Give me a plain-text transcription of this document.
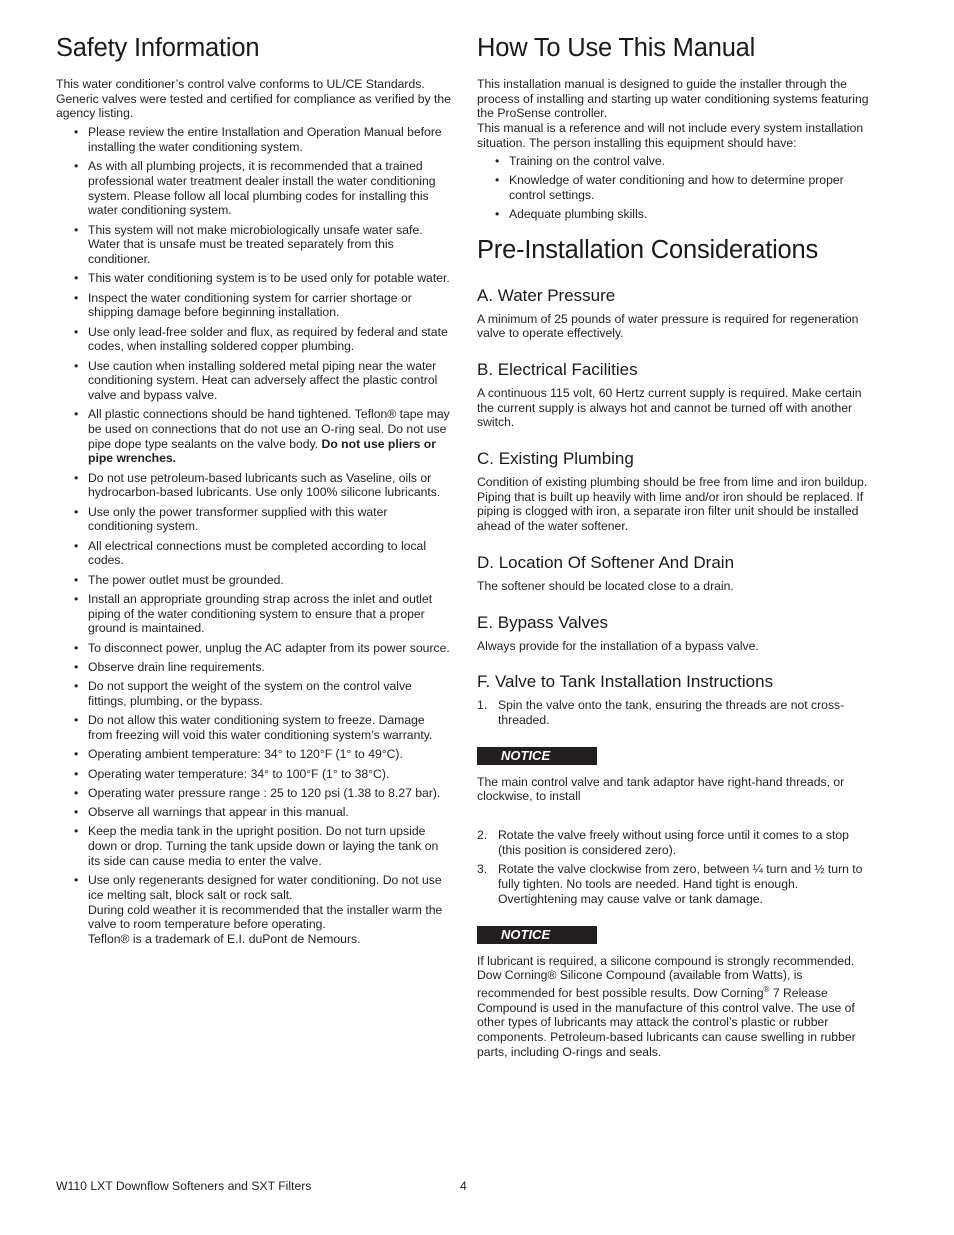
Safety Information

This water conditioner’s control valve conforms to UL/CE Standards. Generic valves were tested and certified for compliance as verified by the agency listing.

• Please review the entire Installation and Operation Manual before installing the water conditioning system.
• As with all plumbing projects, it is recommended that a trained professional water treatment dealer install the water conditioning system. Please follow all local plumbing codes for installing this water conditioning system.
• This system will not make microbiologically unsafe water safe. Water that is unsafe must be treated separately from this conditioner.
• This water conditioning system is to be used only for potable water.
• Inspect the water conditioning system for carrier shortage or shipping damage before beginning installation.
• Use only lead-free solder and flux, as required by federal and state codes, when installing soldered copper plumbing.
• Use caution when installing soldered metal piping near the water conditioning system. Heat can adversely affect the plastic control valve and bypass valve.
• All plastic connections should be hand tightened. Teflon® tape may be used on connections that do not use an O-ring seal. Do not use pipe dope type sealants on the valve body. Do not use pliers or pipe wrenches.
• Do not use petroleum-based lubricants such as Vaseline, oils or hydrocarbon-based lubricants. Use only 100% silicone lubricants.
• Use only the power transformer supplied with this water conditioning system.
• All electrical connections must be completed according to local codes.
• The power outlet must be grounded.
• Install an appropriate grounding strap across the inlet and outlet piping of the water conditioning system to ensure that a proper ground is maintained.
• To disconnect power, unplug the AC adapter from its power source.
• Observe drain line requirements.
• Do not support the weight of the system on the control valve fittings, plumbing, or the bypass.
• Do not allow this water conditioning system to freeze. Damage from freezing will void this water conditioning system’s warranty.
• Operating ambient temperature: 34° to 120°F (1° to 49°C).
• Operating water temperature: 34° to 100°F (1° to 38°C).
• Operating water pressure range : 25 to 120 psi (1.38 to 8.27 bar).
• Observe all warnings that appear in this manual.
• Keep the media tank in the upright position. Do not turn upside down or drop. Turning the tank upside down or laying the tank on its side can cause media to enter the valve.
• Use only regenerants designed for water conditioning. Do not use ice melting salt, block salt or rock salt.
During cold weather it is recommended that the installer warm the valve to room temperature before operating.
Teflon® is a trademark of E.I. duPont de Nemours.
How To Use This Manual

This installation manual is designed to guide the installer through the process of installing and starting up water conditioning systems featuring the ProSense controller.

This manual is a reference and will not include every system installation situation. The person installing this equipment should have:

• Training on the control valve.
• Knowledge of water conditioning and how to determine proper control settings.
• Adequate plumbing skills.
Pre-Installation Considerations
A. Water Pressure

A minimum of 25 pounds of water pressure is required for regeneration valve to operate effectively.

B. Electrical Facilities

A continuous 115 volt, 60 Hertz current supply is required. Make certain the current supply is always hot and cannot be turned off with another switch.

C. Existing Plumbing

Condition of existing plumbing should be free from lime and iron buildup. Piping that is built up heavily with lime and/or iron should be replaced. If piping is clogged with iron, a separate iron filter unit should be installed ahead of the water softener.

D. Location Of Softener And Drain

The softener should be located close to a drain.

E. Bypass Valves

Always provide for the installation of a bypass valve.

F. Valve to Tank Installation Instructions
1. Spin the valve onto the tank, ensuring the threads are not cross-threaded.
NOTICE

The main control valve and tank adaptor have right-hand threads, or clockwise, to install

2. Rotate the valve freely without using force until it comes to a stop (this position is considered zero).
3. Rotate the valve clockwise from zero, between ¼ turn and ½ turn to fully tighten. No tools are needed. Hand tight is enough. Overtightening may cause valve or tank damage.
NOTICE

If lubricant is required, a silicone compound is strongly recommended. Dow Corning® Silicone Compound (available from Watts), is recommended for best possible results. Dow Corning® 7 Release Compound is used in the manufacture of this control valve. The use of other types of lubricants may attack the control’s plastic or rubber components. Petroleum-based lubricants can cause swelling in rubber parts, including O-rings and seals.

W110 LXT Downflow Softeners and SXT Filters	4
